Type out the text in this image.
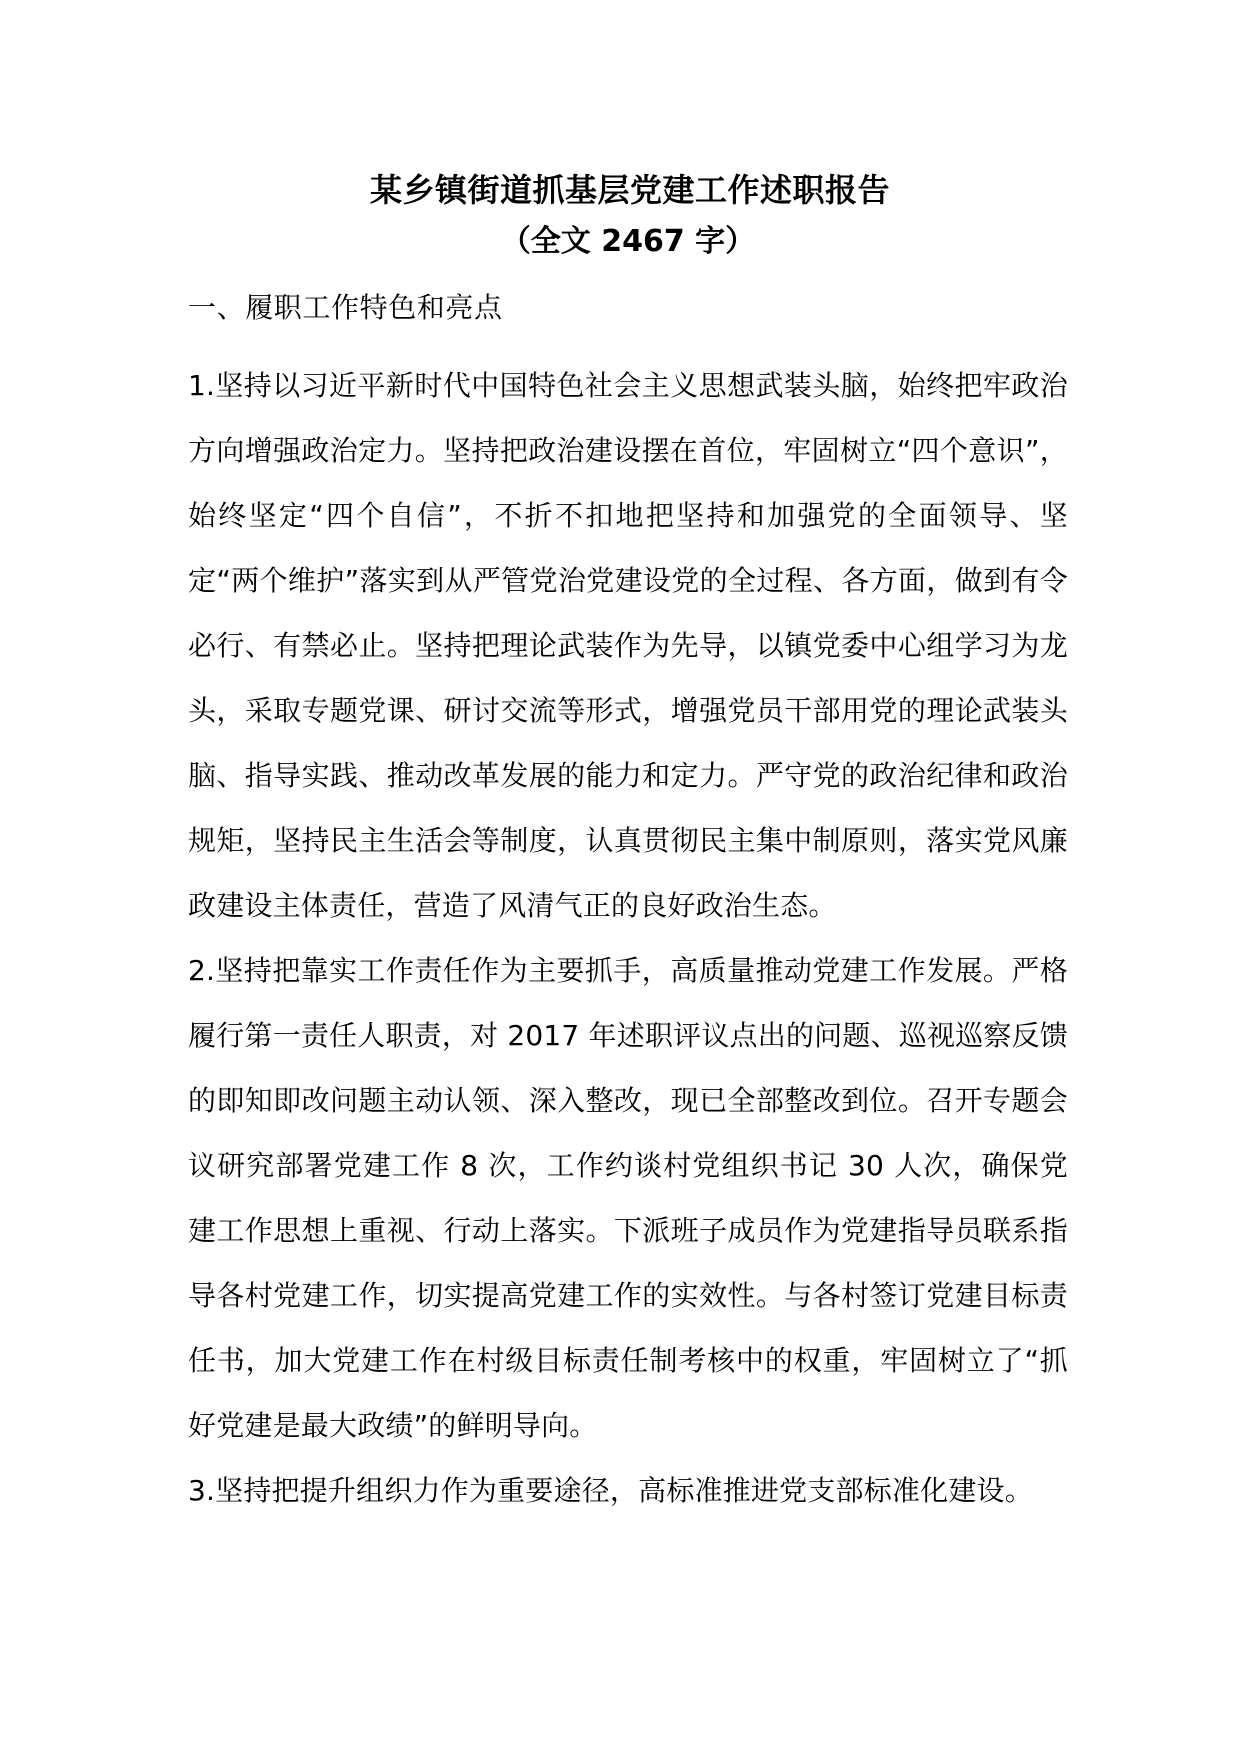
某乡镇街道抓基层党建工作述职报告
（全文 2467 字）
一、履职工作特色和亮点

1.坚持以习近平新时代中国特色社会主义思想武装头脑，始终把牢政治方向增强政治定力。坚持把政治建设摆在首位，牢固树立“四个意识”，始终坚定“四个自信”，不折不扣地把坚持和加强党的全面领导、坚定“两个维护”落实到从严管党治党建设党的全过程、各方面，做到有令必行、有禁必止。坚持把理论武装作为先导，以镇党委中心组学习为龙头，采取专题党课、研讨交流等形式，增强党员干部用党的理论武装头脑、指导实践、推动改革发展的能力和定力。严守党的政治纪律和政治规矩，坚持民主生活会等制度，认真贯彻民主集中制原则，落实党风廉政建设主体责任，营造了风清气正的良好政治生态。

2.坚持把靠实工作责任作为主要抓手，高质量推动党建工作发展。严格履行第一责任人职责，对 2017 年述职评议点出的问题、巡视巡察反馈的即知即改问题主动认领、深入整改，现已全部整改到位。召开专题会议研究部署党建工作 8 次，工作约谈村党组织书记 30 人次，确保党建工作思想上重视、行动上落实。下派班子成员作为党建指导员联系指导各村党建工作，切实提高党建工作的实效性。与各村签订党建目标责任书，加大党建工作在村级目标责任制考核中的权重，牢固树立了“抓好党建是最大政绩”的鲜明导向。

3.坚持把提升组织力作为重要途径，高标准推进党支部标准化建设。
